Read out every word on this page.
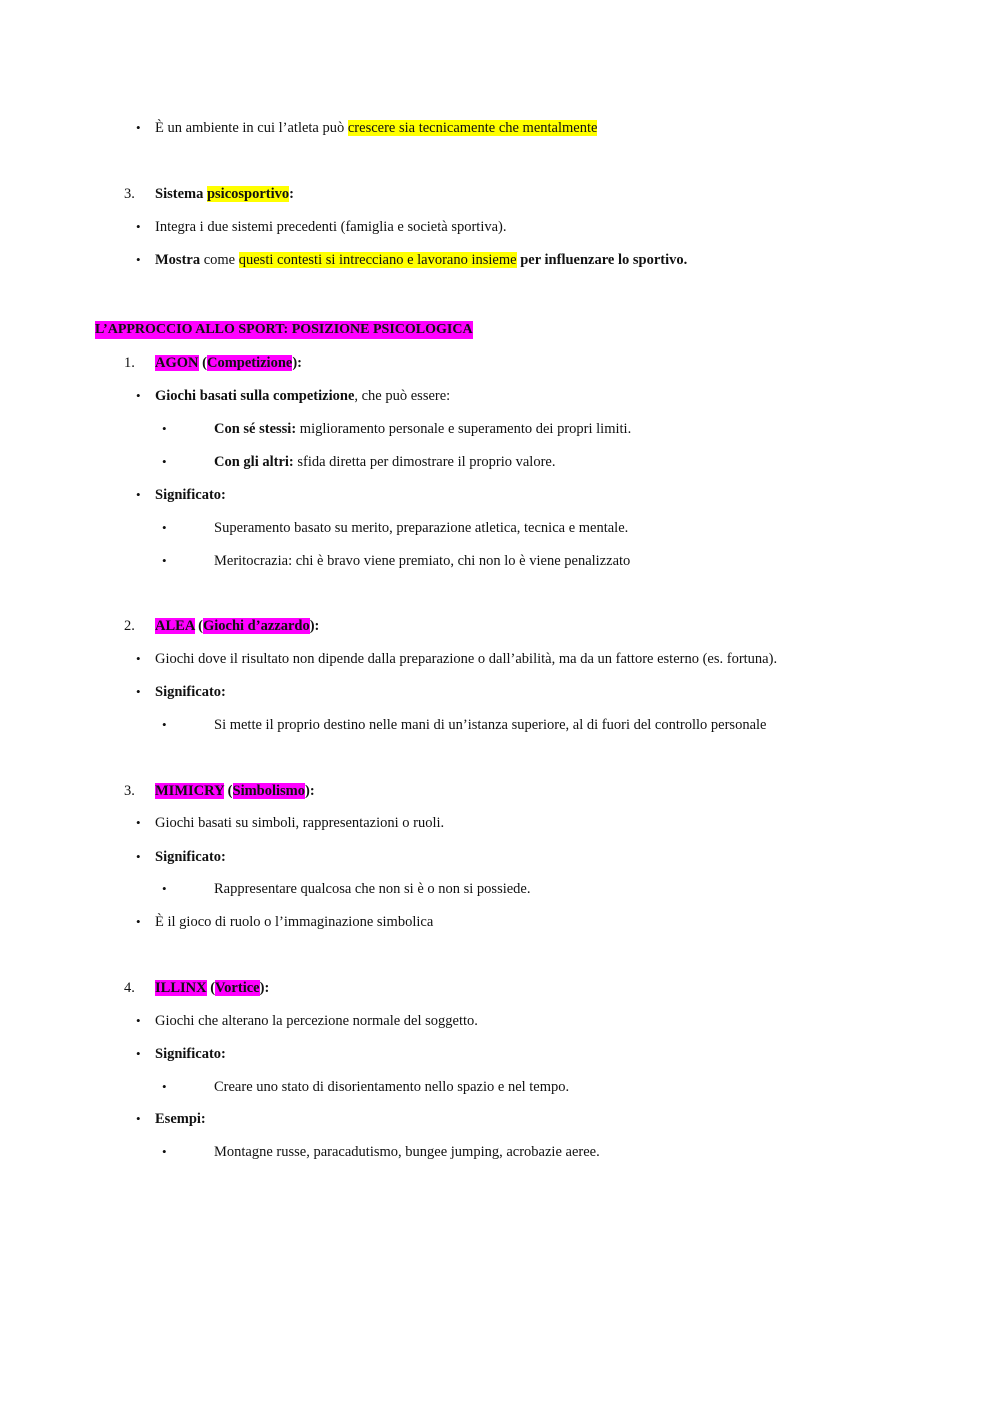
• È un ambiente in cui l’atleta può crescere sia tecnicamente che mentalmente
3. Sistema psicosportivo:
• Integra i due sistemi precedenti (famiglia e società sportiva).
• Mostra come questi contesti si intrecciano e lavorano insieme per influenzare lo sportivo.
L’APPROCCIO ALLO SPORT: POSIZIONE PSICOLOGICA
1. AGON (Competizione):
• Giochi basati sulla competizione, che può essere:
• Con sé stessi: miglioramento personale e superamento dei propri limiti.
• Con gli altri: sfida diretta per dimostrare il proprio valore.
• Significato:
• Superamento basato su merito, preparazione atletica, tecnica e mentale.
• Meritocrazia: chi è bravo viene premiato, chi non lo è viene penalizzato
2. ALEA (Giochi d’azzardo):
• Giochi dove il risultato non dipende dalla preparazione o dall’abilità, ma da un fattore esterno (es. fortuna).
• Significato:
• Si mette il proprio destino nelle mani di un’istanza superiore, al di fuori del controllo personale
3. MIMICRY (Simbolismo):
• Giochi basati su simboli, rappresentazioni o ruoli.
• Significato:
• Rappresentare qualcosa che non si è o non si possiede.
• È il gioco di ruolo o l’immaginazione simbolica
4. ILLINX (Vortice):
• Giochi che alterano la percezione normale del soggetto.
• Significato:
• Creare uno stato di disorientamento nello spazio e nel tempo.
• Esempi:
• Montagne russe, paracadutismo, bungee jumping, acrobazie aeree.
